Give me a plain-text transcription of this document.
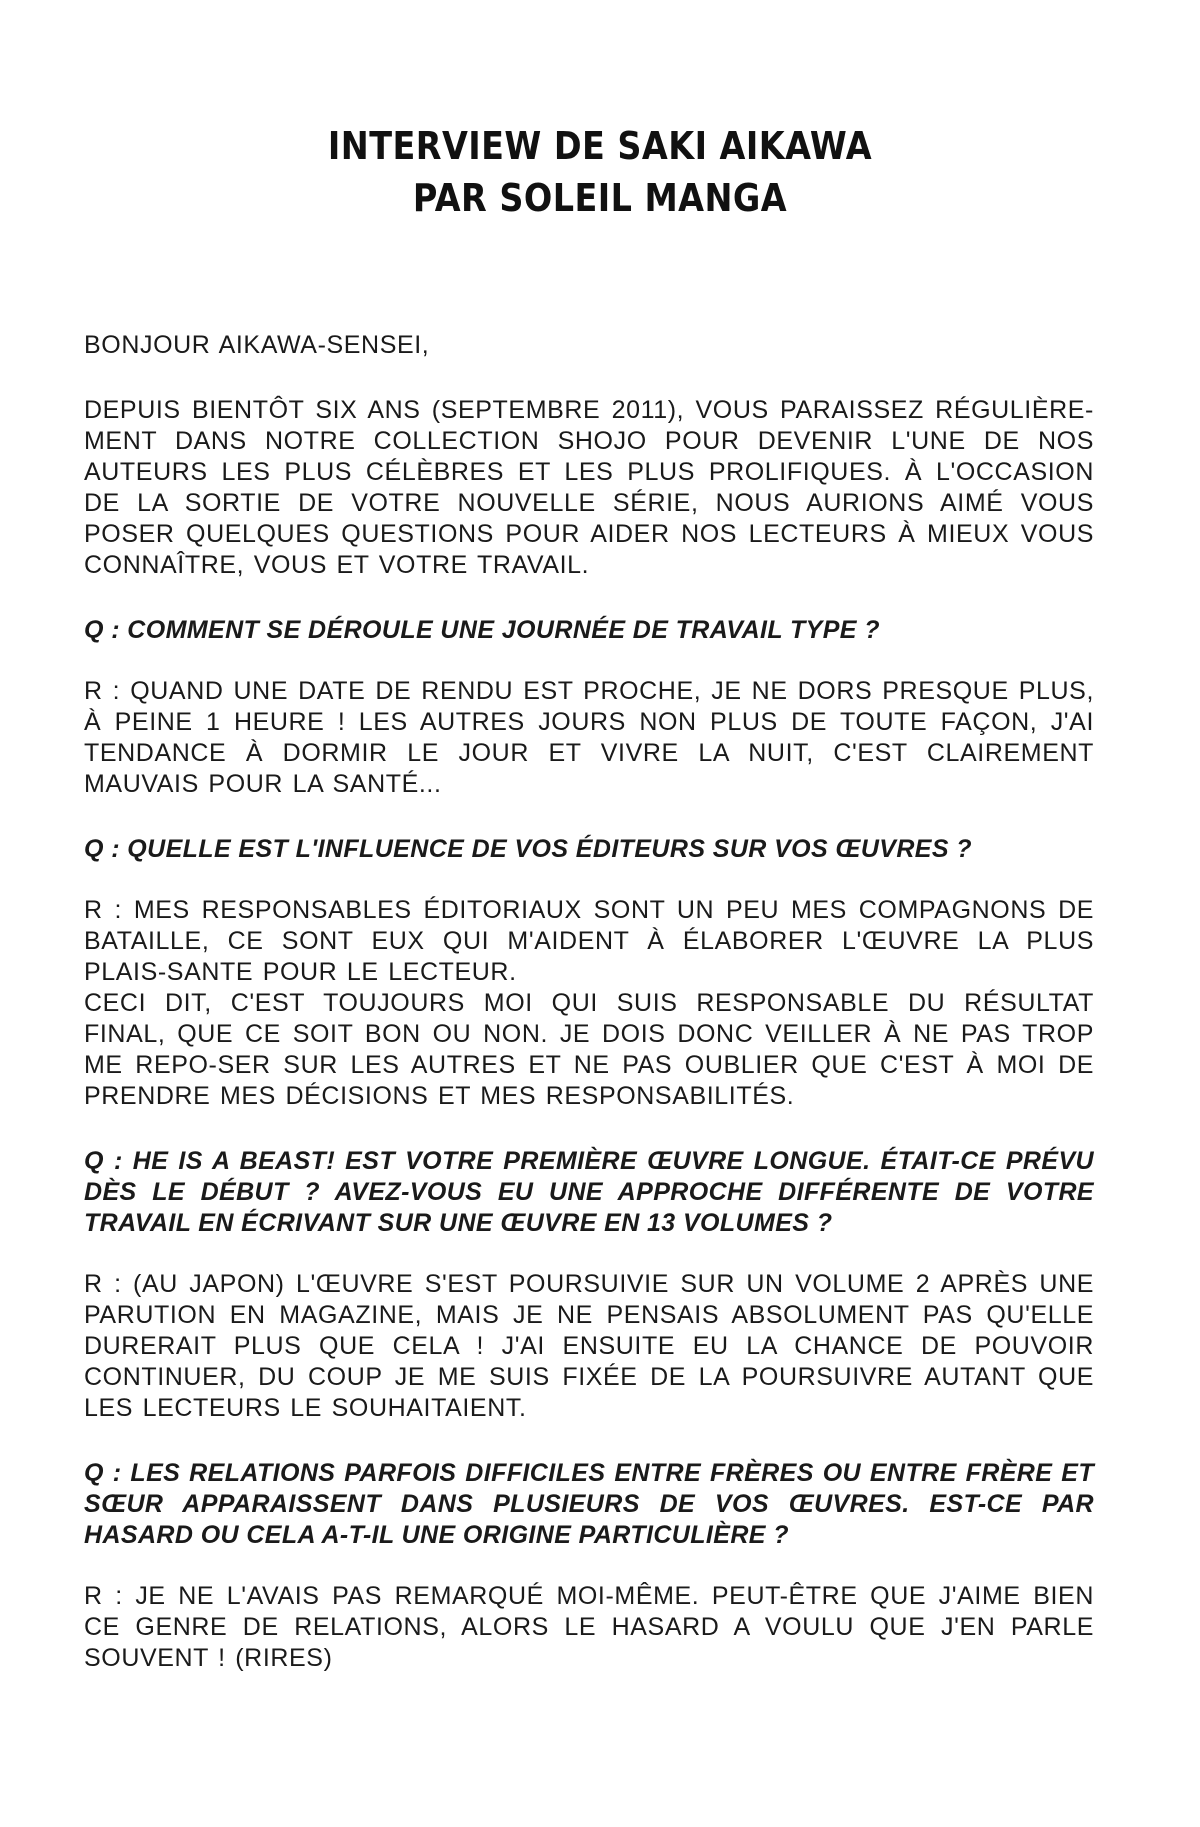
INTERVIEW DE SAKI AIKAWA
PAR SOLEIL MANGA

BONJOUR AIKAWA-SENSEI,

DEPUIS BIENTÔT SIX ANS (SEPTEMBRE 2011), VOUS PARAISSEZ RÉGULIÈRE-MENT DANS NOTRE COLLECTION SHOJO POUR DEVENIR L'UNE DE NOS AUTEURS LES PLUS CÉLÈBRES ET LES PLUS PROLIFIQUES. À L'OCCASION DE LA SORTIE DE VOTRE NOUVELLE SÉRIE, NOUS AURIONS AIMÉ VOUS POSER QUELQUES QUESTIONS POUR AIDER NOS LECTEURS À MIEUX VOUS CONNAÎTRE, VOUS ET VOTRE TRAVAIL.

Q : COMMENT SE DÉROULE UNE JOURNÉE DE TRAVAIL TYPE ?

R : QUAND UNE DATE DE RENDU EST PROCHE, JE NE DORS PRESQUE PLUS, À PEINE 1 HEURE ! LES AUTRES JOURS NON PLUS DE TOUTE FAÇON, J'AI TENDANCE À DORMIR LE JOUR ET VIVRE LA NUIT, C'EST CLAIREMENT MAUVAIS POUR LA SANTÉ...

Q : QUELLE EST L'INFLUENCE DE VOS ÉDITEURS SUR VOS ŒUVRES ?

R : MES RESPONSABLES ÉDITORIAUX SONT UN PEU MES COMPAGNONS DE BATAILLE, CE SONT EUX QUI M'AIDENT À ÉLABORER L'ŒUVRE LA PLUS PLAIS-SANTE POUR LE LECTEUR.

CECI DIT, C'EST TOUJOURS MOI QUI SUIS RESPONSABLE DU RÉSULTAT FINAL, QUE CE SOIT BON OU NON. JE DOIS DONC VEILLER À NE PAS TROP ME REPO-SER SUR LES AUTRES ET NE PAS OUBLIER QUE C'EST À MOI DE PRENDRE MES DÉCISIONS ET MES RESPONSABILITÉS.

Q : HE IS A BEAST! EST VOTRE PREMIÈRE ŒUVRE LONGUE. ÉTAIT-CE PRÉVU DÈS LE DÉBUT ? AVEZ-VOUS EU UNE APPROCHE DIFFÉRENTE DE VOTRE TRAVAIL EN ÉCRIVANT SUR UNE ŒUVRE EN 13 VOLUMES ?

R : (AU JAPON) L'ŒUVRE S'EST POURSUIVIE SUR UN VOLUME 2 APRÈS UNE PARUTION EN MAGAZINE, MAIS JE NE PENSAIS ABSOLUMENT PAS QU'ELLE DURERAIT PLUS QUE CELA ! J'AI ENSUITE EU LA CHANCE DE POUVOIR CONTINUER, DU COUP JE ME SUIS FIXÉE DE LA POURSUIVRE AUTANT QUE LES LECTEURS LE SOUHAITAIENT.

Q : LES RELATIONS PARFOIS DIFFICILES ENTRE FRÈRES OU ENTRE FRÈRE ET SŒUR APPARAISSENT DANS PLUSIEURS DE VOS ŒUVRES. EST-CE PAR HASARD OU CELA A-T-IL UNE ORIGINE PARTICULIÈRE ?

R : JE NE L'AVAIS PAS REMARQUÉ MOI-MÊME. PEUT-ÊTRE QUE J'AIME BIEN CE GENRE DE RELATIONS, ALORS LE HASARD A VOULU QUE J'EN PARLE SOUVENT ! (RIRES)
